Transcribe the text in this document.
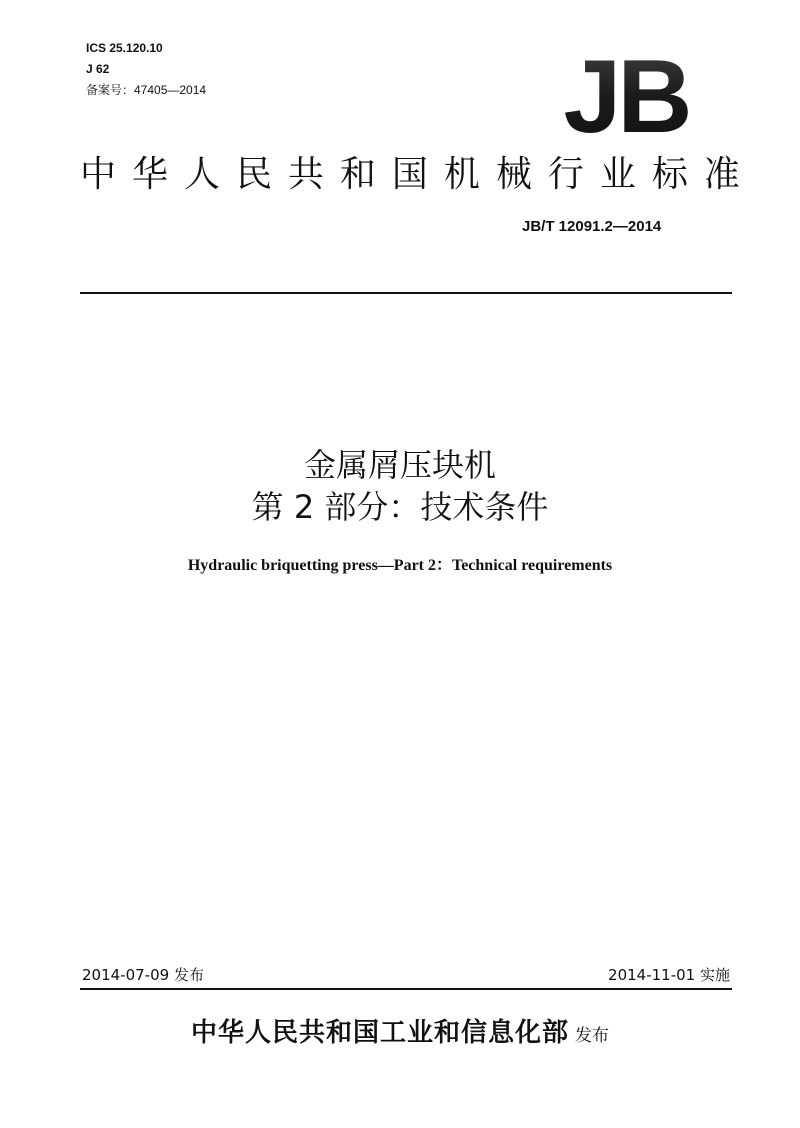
ICS 25.120.10
J 62
备案号：47405—2014	JB
中 华 人 民 共 和 国 机 械 行 业 标 准
JB/T 12091.2—2014
金属屑压块机
第 2 部分：技术条件
Hydraulic briquetting press—Part 2：Technical requirements
2014-07-09 发布	2014-11-01 实施
中华人民共和国工业和信息化部 发布
